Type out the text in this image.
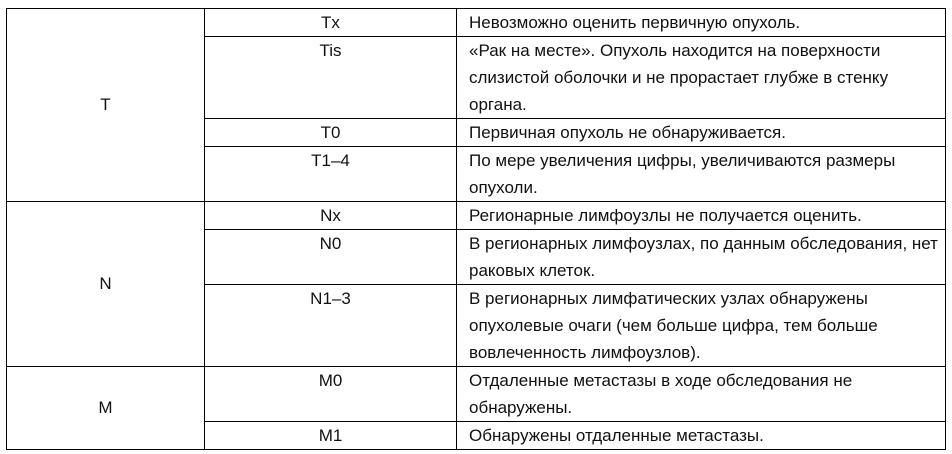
T	Tx	Невозможно оценить первичную опухоль.
	Tis	«Рак на месте». Опухоль находится на поверхности слизистой оболочки и не прорастает глубже в стенку органа.
	T0	Первичная опухоль не обнаруживается.
	T1–4	По мере увеличения цифры, увеличиваются размеры опухоли.
N	Nx	Регионарные лимфоузлы не получается оценить.
	N0	В регионарных лимфоузлах, по данным обследования, нет раковых клеток.
	N1–3	В регионарных лимфатических узлах обнаружены опухолевые очаги (чем больше цифра, тем больше вовлеченность лимфоузлов).
M	M0	Отдаленные метастазы в ходе обследования не обнаружены.
	M1	Обнаружены отдаленные метастазы.
